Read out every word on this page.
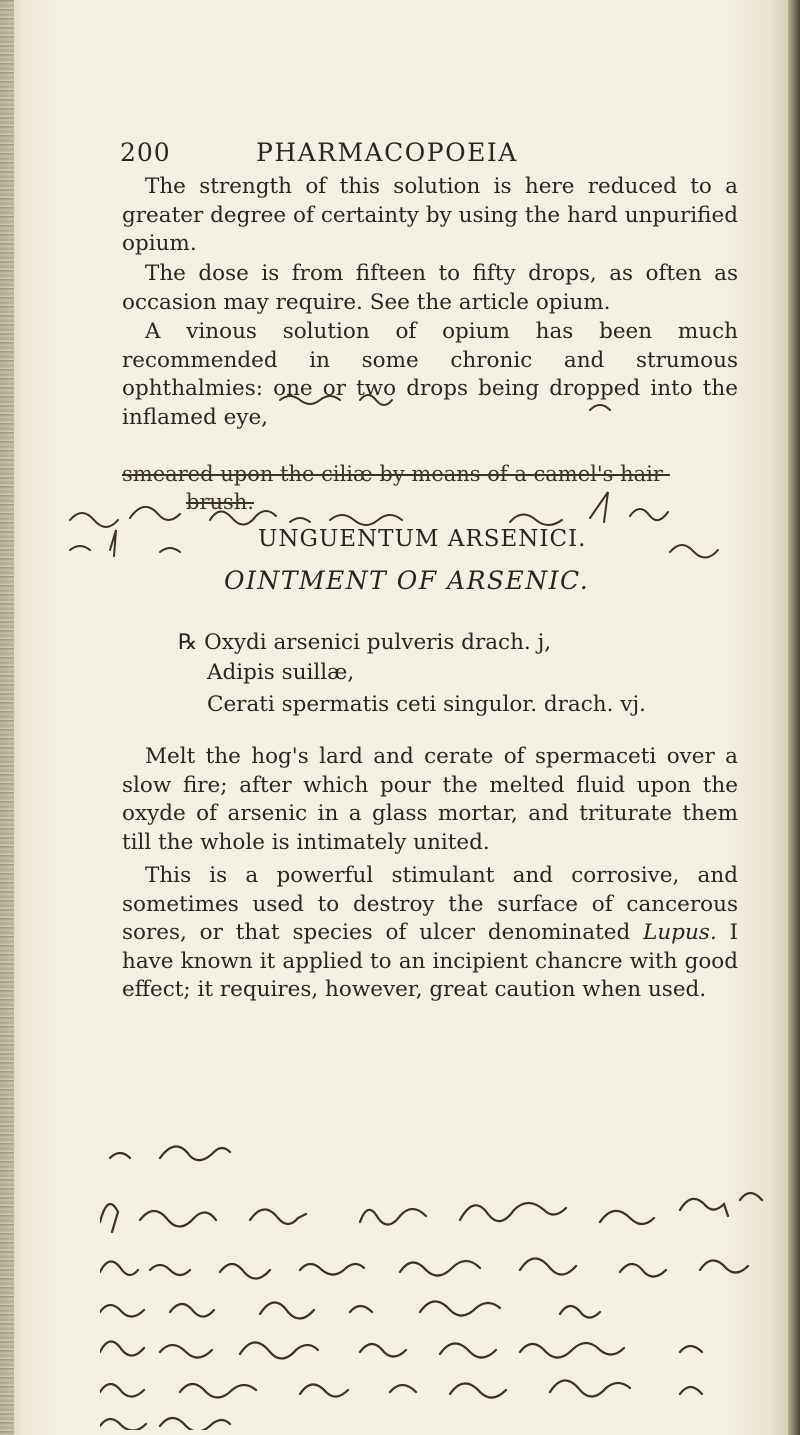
200	PHARMACOPOEIA
The strength of this solution is here reduced to a greater degree of certainty by using the hard unpurified opium.
The dose is from fifteen to fifty drops, as often as occasion may require. See the article opium.
A vinous solution of opium has been much recommended in some chronic and strumous ophthalmies: one or two drops being dropped into the inflamed eye,
smeared upon the ciliæ by means of a camel's hair-
brush.
UNGUENTUM ARSENICI.
OINTMENT OF ARSENIC.
℞ Oxydi arsenici pulveris drach. j,
Adipis suillæ,
Cerati spermatis ceti singulor. drach. vj.
Melt the hog's lard and cerate of spermaceti over a slow fire; after which pour the melted fluid upon the oxyde of arsenic in a glass mortar, and triturate them till the whole is intimately united.
This is a powerful stimulant and corrosive, and sometimes used to destroy the surface of cancerous sores, or that species of ulcer denominated Lupus. I have known it applied to an incipient chancre with good effect; it requires, however, great caution when used.
